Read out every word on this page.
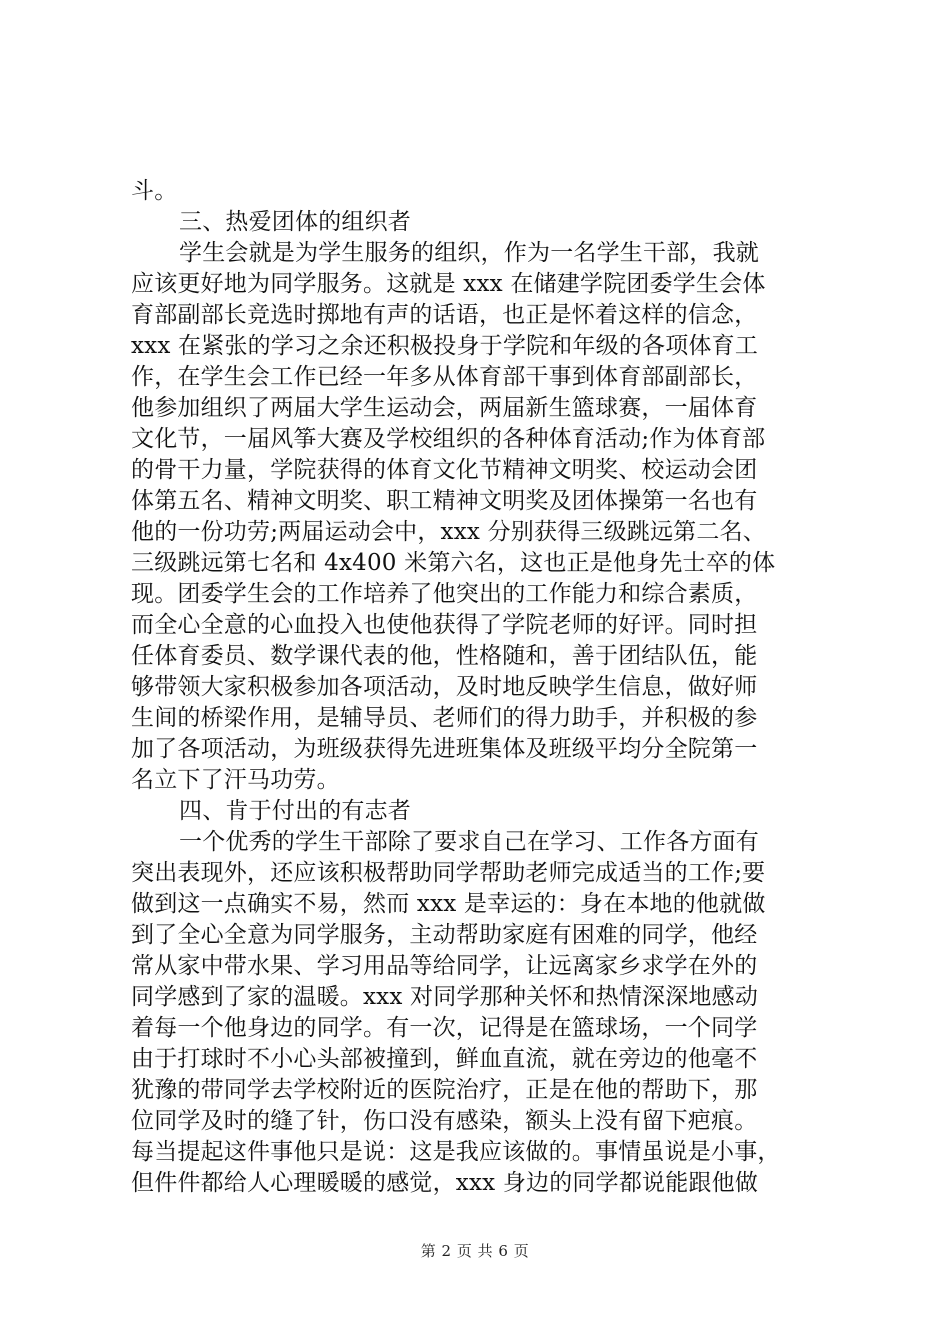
斗。
三、热爱团体的组织者
学生会就是为学生服务的组织，作为一名学生干部，我就
应该更好地为同学服务。这就是 xxx 在储建学院团委学生会体
育部副部长竞选时掷地有声的话语，也正是怀着这样的信念，
xxx 在紧张的学习之余还积极投身于学院和年级的各项体育工
作，在学生会工作已经一年多从体育部干事到体育部副部长，
他参加组织了两届大学生运动会，两届新生篮球赛，一届体育
文化节，一届风筝大赛及学校组织的各种体育活动;作为体育部
的骨干力量，学院获得的体育文化节精神文明奖、校运动会团
体第五名、精神文明奖、职工精神文明奖及团体操第一名也有
他的一份功劳;两届运动会中，xxx 分别获得三级跳远第二名、
三级跳远第七名和 4x400 米第六名，这也正是他身先士卒的体
现。团委学生会的工作培养了他突出的工作能力和综合素质，
而全心全意的心血投入也使他获得了学院老师的好评。同时担
任体育委员、数学课代表的他，性格随和，善于团结队伍，能
够带领大家积极参加各项活动，及时地反映学生信息，做好师
生间的桥梁作用，是辅导员、老师们的得力助手，并积极的参
加了各项活动，为班级获得先进班集体及班级平均分全院第一
名立下了汗马功劳。
四、肯于付出的有志者
一个优秀的学生干部除了要求自己在学习、工作各方面有
突出表现外，还应该积极帮助同学帮助老师完成适当的工作;要
做到这一点确实不易，然而 xxx 是幸运的：身在本地的他就做
到了全心全意为同学服务，主动帮助家庭有困难的同学，他经
常从家中带水果、学习用品等给同学，让远离家乡求学在外的
同学感到了家的温暖。xxx 对同学那种关怀和热情深深地感动
着每一个他身边的同学。有一次，记得是在篮球场，一个同学
由于打球时不小心头部被撞到，鲜血直流，就在旁边的他毫不
犹豫的带同学去学校附近的医院治疗，正是在他的帮助下，那
位同学及时的缝了针，伤口没有感染，额头上没有留下疤痕。
每当提起这件事他只是说：这是我应该做的。事情虽说是小事，
但件件都给人心理暖暖的感觉，xxx 身边的同学都说能跟他做
第 2 页 共 6 页
